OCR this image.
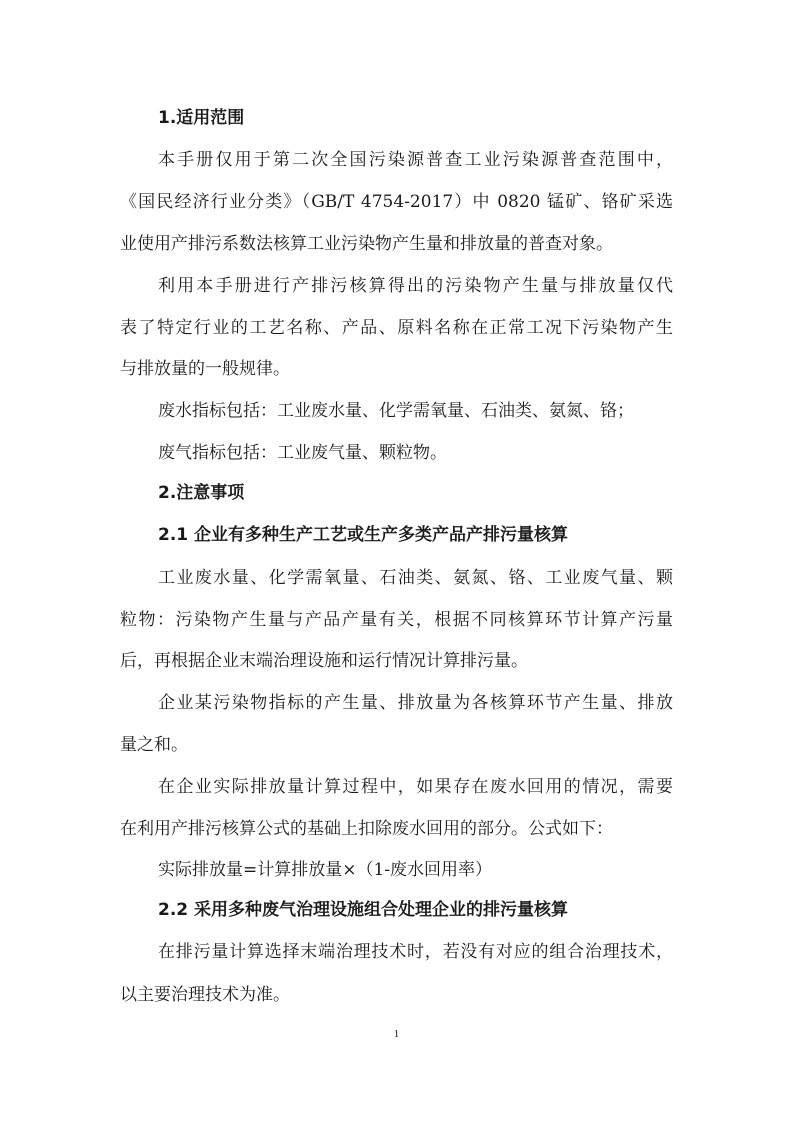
1.适用范围
本手册仅用于第二次全国污染源普查工业污染源普查范围中，
《国民经济行业分类》（GB/T 4754-2017）中 0820 锰矿、铬矿采选
业使用产排污系数法核算工业污染物产生量和排放量的普查对象。
利用本手册进行产排污核算得出的污染物产生量与排放量仅代
表了特定行业的工艺名称、产品、原料名称在正常工况下污染物产生
与排放量的一般规律。
废水指标包括：工业废水量、化学需氧量、石油类、氨氮、铬；
废气指标包括：工业废气量、颗粒物。
2.注意事项
2.1 企业有多种生产工艺或生产多类产品产排污量核算
工业废水量、化学需氧量、石油类、氨氮、铬、工业废气量、颗
粒物：污染物产生量与产品产量有关，根据不同核算环节计算产污量
后，再根据企业末端治理设施和运行情况计算排污量。
企业某污染物指标的产生量、排放量为各核算环节产生量、排放
量之和。
在企业实际排放量计算过程中，如果存在废水回用的情况，需要
在利用产排污核算公式的基础上扣除废水回用的部分。公式如下：
实际排放量=计算排放量×（1-废水回用率）
2.2 采用多种废气治理设施组合处理企业的排污量核算
在排污量计算选择末端治理技术时，若没有对应的组合治理技术，
以主要治理技术为准。
1
